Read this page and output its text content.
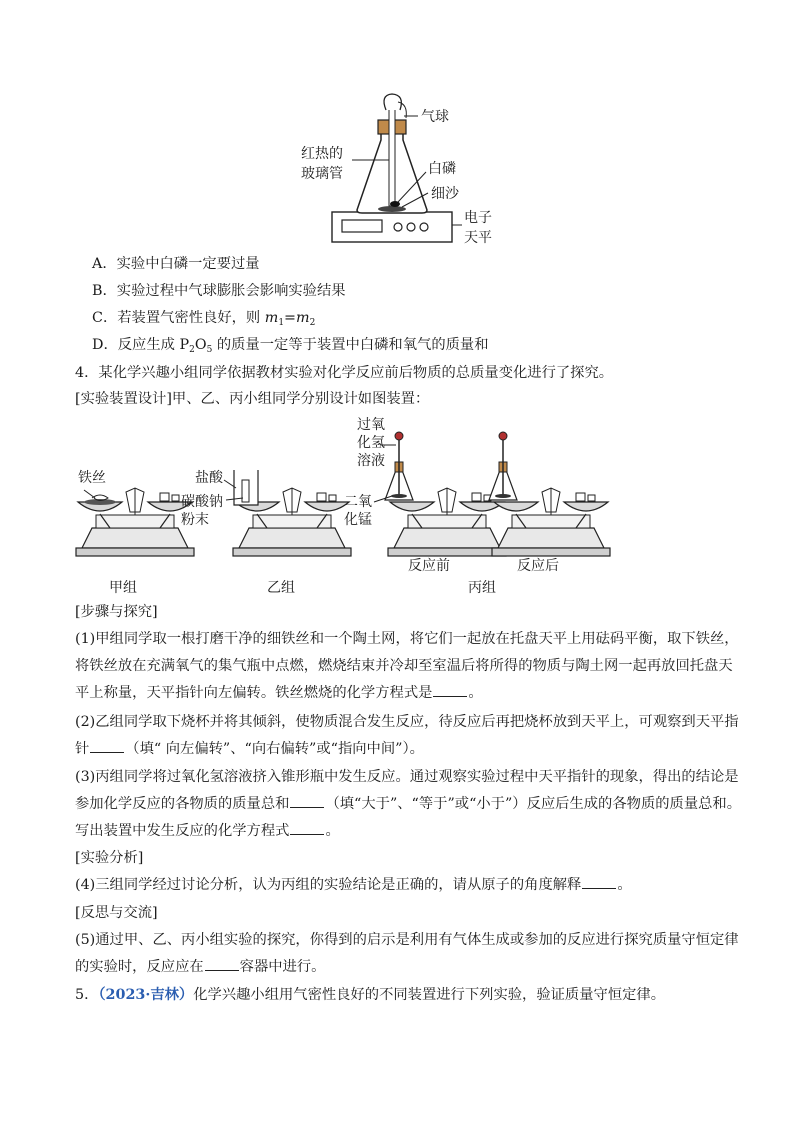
气球
红热的
玻璃管	白磷
细沙
电子
天平
A．实验中白磷一定要过量
B．实验过程中气球膨胀会影响实验结果
C．若装置气密性良好，则 $m_1=m_2$
D．反应生成 $P_2O_5$ 的质量一定等于装置中白磷和氧气的质量和
4．某化学兴趣小组同学依据教材实验对化学反应前后物质的总质量变化进行了探究。
[实验装置设计]甲、乙、丙小组同学分别设计如图装置：
铁丝	盐酸
碳酸钠
粉末
过氧
化氢
溶液
二氧
化锰
甲组	乙组
反应前	反应后
丙组
[步骤与探究]
(1)甲组同学取一根打磨干净的细铁丝和一个陶土网，将它们一起放在托盘天平上用砝码平衡，取下铁丝，
将铁丝放在充满氧气的集气瓶中点燃，燃烧结束并冷却至室温后将所得的物质与陶土网一起再放回托盘天
平上称量，天平指针向左偏转。铁丝燃烧的化学方程式是	。
(2)乙组同学取下烧杯并将其倾斜，使物质混合发生反应，待反应后再把烧杯放到天平上，可观察到天平指
针	（填“ 向左偏转”、“向右偏转”或“指向中间”）。
(3)丙组同学将过氧化氢溶液挤入锥形瓶中发生反应。通过观察实验过程中天平指针的现象，得出的结论是
参加化学反应的各物质的质量总和	（填“大于”、“等于”或“小于”）反应后生成的各物质的质量总和。
写出装置中发生反应的化学方程式	。
[实验分析]
(4)三组同学经过讨论分析，认为丙组的实验结论是正确的，请从原子的角度解释	。
[反思与交流]
(5)通过甲、乙、丙小组实验的探究，你得到的启示是利用有气体生成或参加的反应进行探究质量守恒定律
的实验时，反应应在	容器中进行。
5．（2023·吉林）化学兴趣小组用气密性良好的不同装置进行下列实验，验证质量守恒定律。
